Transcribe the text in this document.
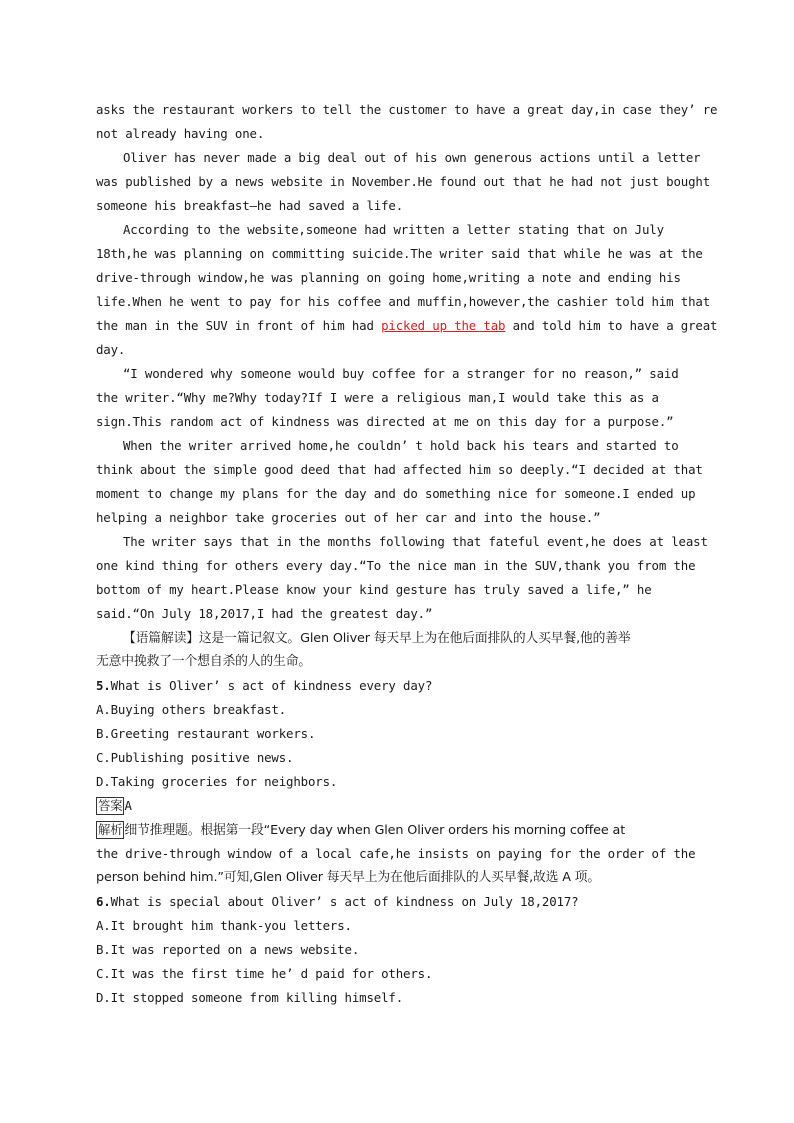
asks the restaurant workers to tell the customer to have a great day,in case they’ re
not already having one.
Oliver has never made a big deal out of his own generous actions until a letter
was published by a news website in November.He found out that he had not just bought
someone his breakfast—he had saved a life.
According to the website,someone had written a letter stating that on July
18th,he was planning on committing suicide.The writer said that while he was at the
drive-through window,he was planning on going home,writing a note and ending his
life.When he went to pay for his coffee and muffin,however,the cashier told him that
the man in the SUV in front of him had picked up the tab and told him to have a great
day.
“I wondered why someone would buy coffee for a stranger for no reason,” said
the writer.“Why me?Why today?If I were a religious man,I would take this as a
sign.This random act of kindness was directed at me on this day for a purpose.”
When the writer arrived home,he couldn’ t hold back his tears and started to
think about the simple good deed that had affected him so deeply.“I decided at that
moment to change my plans for the day and do something nice for someone.I ended up
helping a neighbor take groceries out of her car and into the house.”
The writer says that in the months following that fateful event,he does at least
one kind thing for others every day.“To the nice man in the SUV,thank you from the
bottom of my heart.Please know your kind gesture has truly saved a life,” he
said.“On July 18,2017,I had the greatest day.”
【语篇解读】这是一篇记叙文。Glen Oliver 每天早上为在他后面排队的人买早餐,他的善举
无意中挽救了一个想自杀的人的生命。
5.What is Oliver’ s act of kindness every day?
A.Buying others breakfast.
B.Greeting restaurant workers.
C.Publishing positive news.
D.Taking groceries for neighbors.
答案 A
解析 细节推理题。根据第一段“Every day when Glen Oliver orders his morning coffee at
the drive-through window of a local cafe,he insists on paying for the order of the
person behind him.”可知,Glen Oliver 每天早上为在他后面排队的人买早餐,故选 A 项。
6.What is special about Oliver’ s act of kindness on July 18,2017?
A.It brought him thank-you letters.
B.It was reported on a news website.
C.It was the first time he’ d paid for others.
D.It stopped someone from killing himself.
